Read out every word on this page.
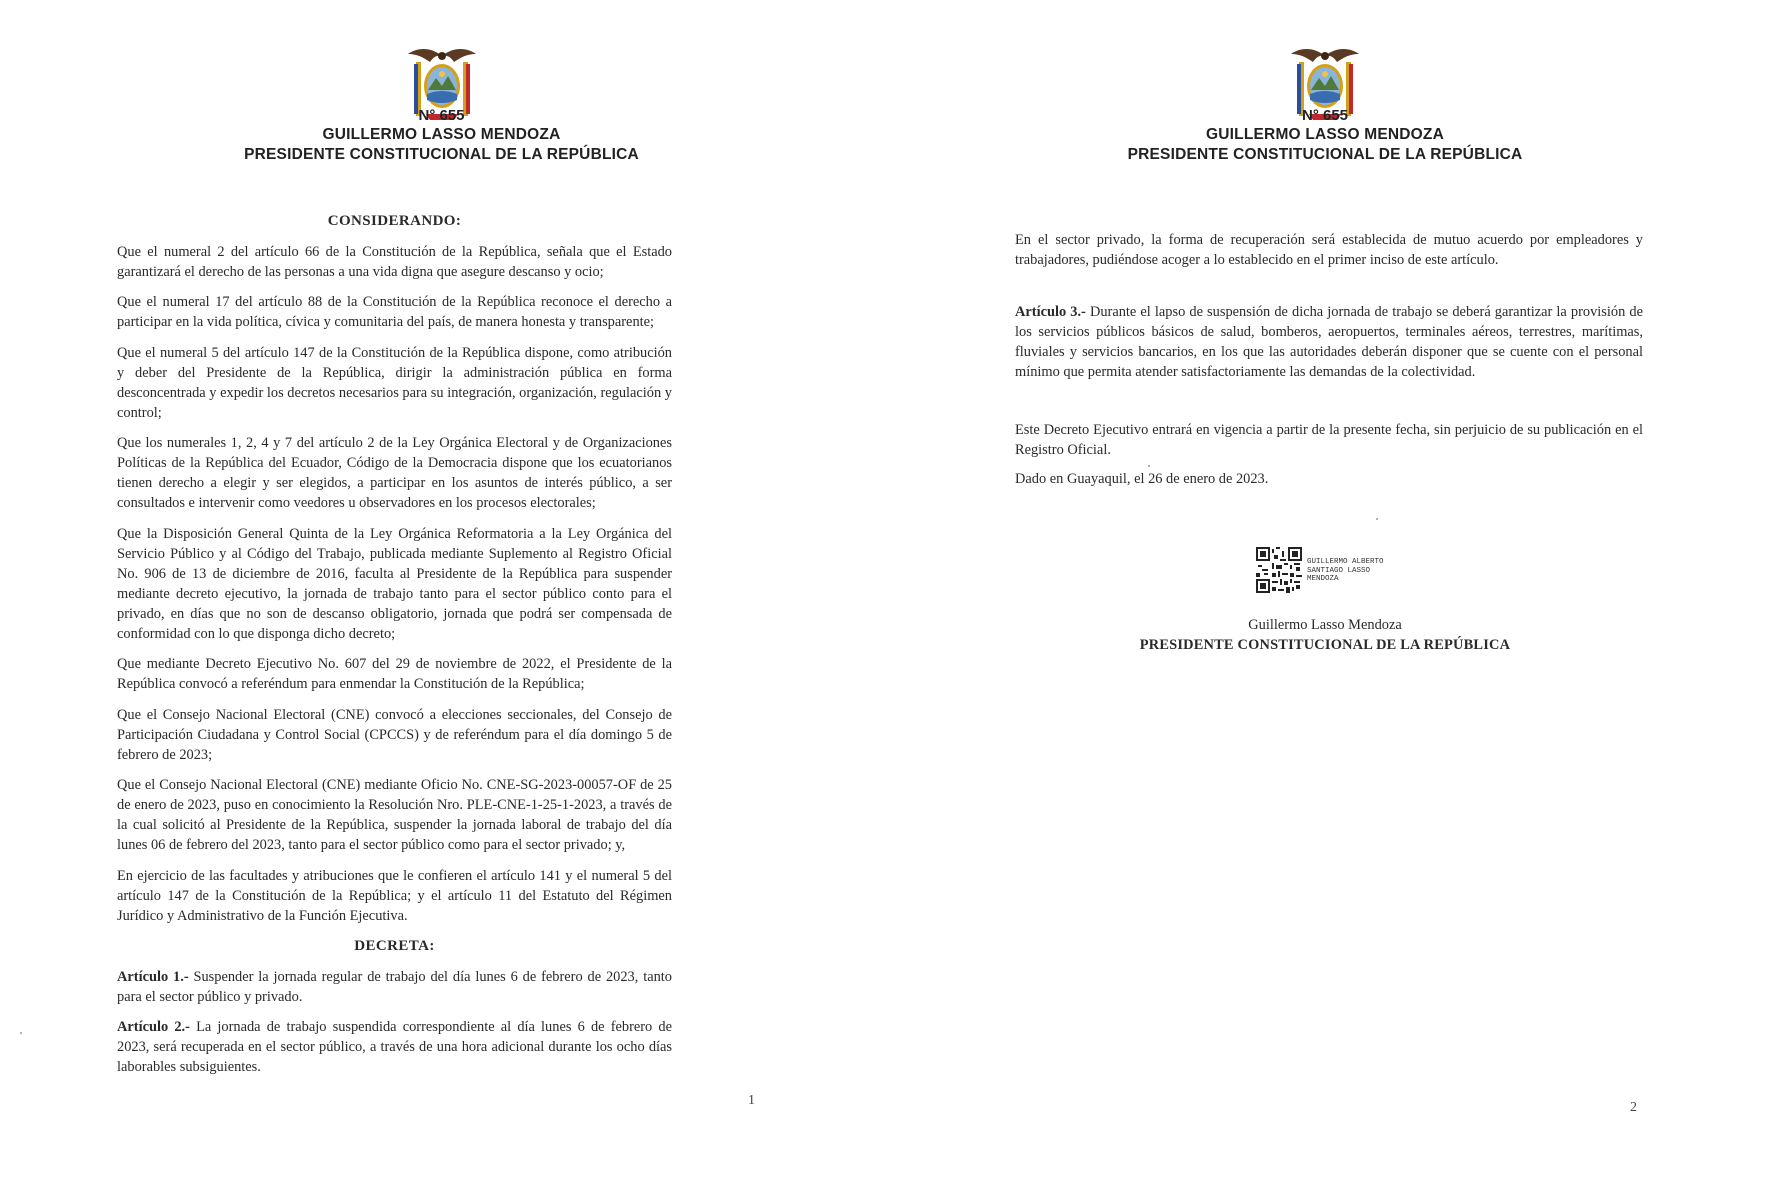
N° 655
GUILLERMO LASSO MENDOZA
PRESIDENTE CONSTITUCIONAL DE LA REPÚBLICA

CONSIDERANDO:

Que el numeral 2 del artículo 66 de la Constitución de la República, señala que el Estado garantizará el derecho de las personas a una vida digna que asegure descanso y ocio;

Que el numeral 17 del artículo 88 de la Constitución de la República reconoce el derecho a participar en la vida política, cívica y comunitaria del país, de manera honesta y transparente;

Que el numeral 5 del artículo 147 de la Constitución de la República dispone, como atribución y deber del Presidente de la República, dirigir la administración pública en forma desconcentrada y expedir los decretos necesarios para su integración, organización, regulación y control;

Que los numerales 1, 2, 4 y 7 del artículo 2 de la Ley Orgánica Electoral y de Organizaciones Políticas de la República del Ecuador, Código de la Democracia dispone que los ecuatorianos tienen derecho a elegir y ser elegidos, a participar en los asuntos de interés público, a ser consultados e intervenir como veedores u observadores en los procesos electorales;

Que la Disposición General Quinta de la Ley Orgánica Reformatoria a la Ley Orgánica del Servicio Público y al Código del Trabajo, publicada mediante Suplemento al Registro Oficial No. 906 de 13 de diciembre de 2016, faculta al Presidente de la República para suspender mediante decreto ejecutivo, la jornada de trabajo tanto para el sector público conto para el privado, en días que no son de descanso obligatorio, jornada que podrá ser compensada de conformidad con lo que disponga dicho decreto;

Que mediante Decreto Ejecutivo No. 607 del 29 de noviembre de 2022, el Presidente de la República convocó a referéndum para enmendar la Constitución de la República;

Que el Consejo Nacional Electoral (CNE) convocó a elecciones seccionales, del Consejo de Participación Ciudadana y Control Social (CPCCS) y de referéndum para el día domingo 5 de febrero de 2023;

Que el Consejo Nacional Electoral (CNE) mediante Oficio No. CNE-SG-2023-00057-OF de 25 de enero de 2023, puso en conocimiento la Resolución Nro. PLE-CNE-1-25-1-2023, a través de la cual solicitó al Presidente de la República, suspender la jornada laboral de trabajo del día lunes 06 de febrero del 2023, tanto para el sector público como para el sector privado; y,

En ejercicio de las facultades y atribuciones que le confieren el artículo 141 y el numeral 5 del artículo 147 de la Constitución de la República; y el artículo 11 del Estatuto del Régimen Jurídico y Administrativo de la Función Ejecutiva.

DECRETA:

Artículo 1.- Suspender la jornada regular de trabajo del día lunes 6 de febrero de 2023, tanto para el sector público y privado.

Artículo 2.- La jornada de trabajo suspendida correspondiente al día lunes 6 de febrero de 2023, será recuperada en el sector público, a través de una hora adicional durante los ocho días laborables subsiguientes.

1
N° 655
GUILLERMO LASSO MENDOZA
PRESIDENTE CONSTITUCIONAL DE LA REPÚBLICA

En el sector privado, la forma de recuperación será establecida de mutuo acuerdo por empleadores y trabajadores, pudiéndose acoger a lo establecido en el primer inciso de este artículo.

Artículo 3.- Durante el lapso de suspensión de dicha jornada de trabajo se deberá garantizar la provisión de los servicios públicos básicos de salud, bomberos, aeropuertos, terminales aéreos, terrestres, marítimas, fluviales y servicios bancarios, en los que las autoridades deberán disponer que se cuente con el personal mínimo que permita atender satisfactoriamente las demandas de la colectividad.

Este Decreto Ejecutivo entrará en vigencia a partir de la presente fecha, sin perjuicio de su publicación en el Registro Oficial.

Dado en Guayaquil, el 26 de enero de 2023.

GUILLERMO ALBERTO
SANTIAGO LASSO
MENDOZA
Guillermo Lasso Mendoza
PRESIDENTE CONSTITUCIONAL DE LA REPÚBLICA
2
